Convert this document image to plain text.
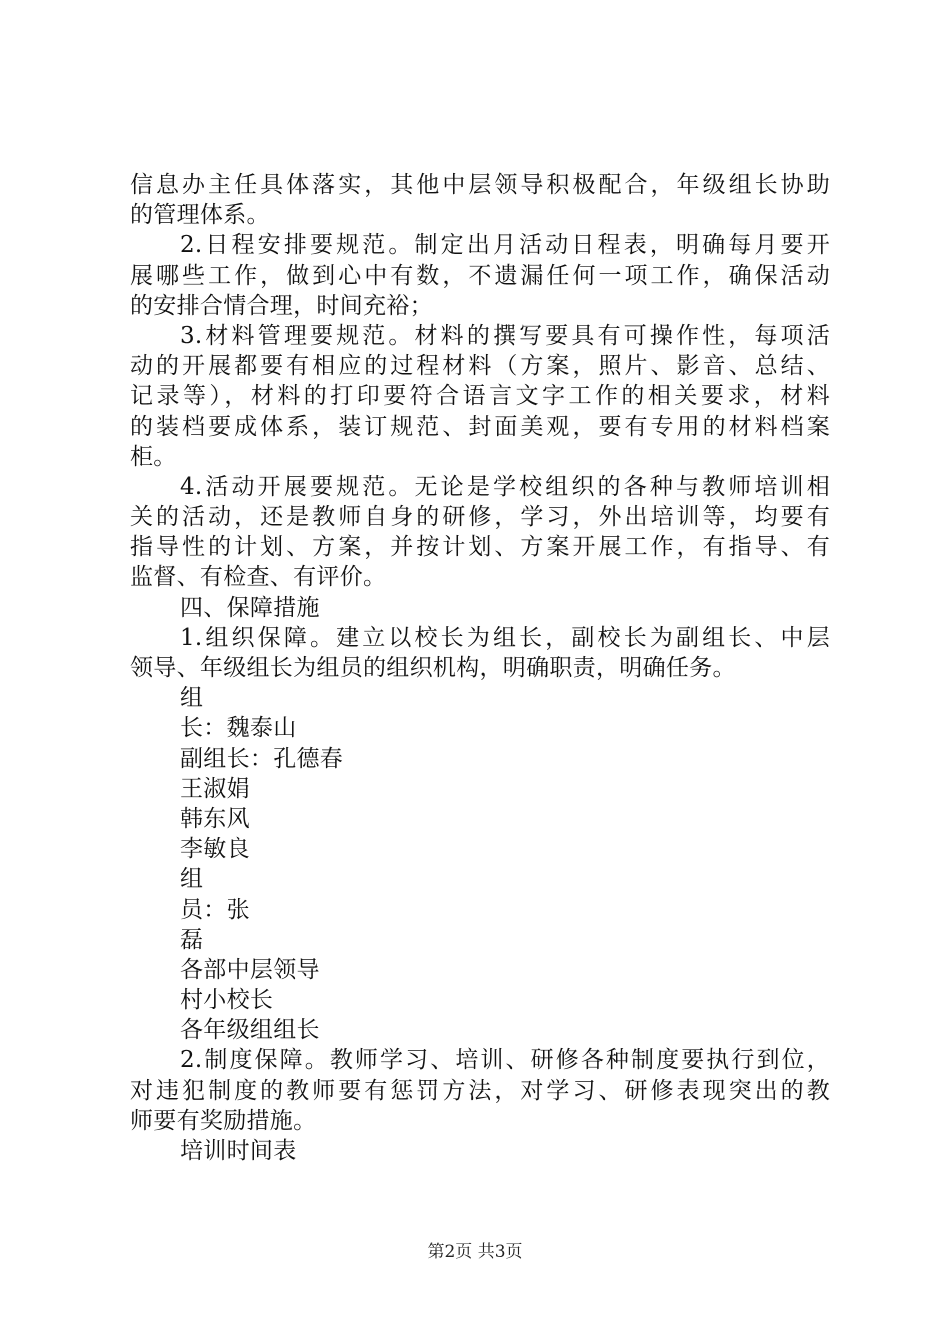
信息办主任具体落实，其他中层领导积极配合，年级组长协助
的管理体系。
2.日程安排要规范。制定出月活动日程表，明确每月要开
展哪些工作，做到心中有数，不遗漏任何一项工作，确保活动
的安排合情合理，时间充裕；
3.材料管理要规范。材料的撰写要具有可操作性，每项活
动的开展都要有相应的过程材料（方案，照片、影音、总结、
记录等），材料的打印要符合语言文字工作的相关要求，材料
的装档要成体系，装订规范、封面美观，要有专用的材料档案
柜。
4.活动开展要规范。无论是学校组织的各种与教师培训相
关的活动，还是教师自身的研修，学习，外出培训等，均要有
指导性的计划、方案，并按计划、方案开展工作，有指导、有
监督、有检查、有评价。
四、保障措施
1.组织保障。建立以校长为组长，副校长为副组长、中层
领导、年级组长为组员的组织机构，明确职责，明确任务。
组
长：魏泰山
副组长：孔德春
王淑娟
韩东风
李敏良
组
员：张
磊
各部中层领导
村小校长
各年级组组长
2.制度保障。教师学习、培训、研修各种制度要执行到位，
对违犯制度的教师要有惩罚方法，对学习、研修表现突出的教
师要有奖励措施。
培训时间表
第2页 共3页
